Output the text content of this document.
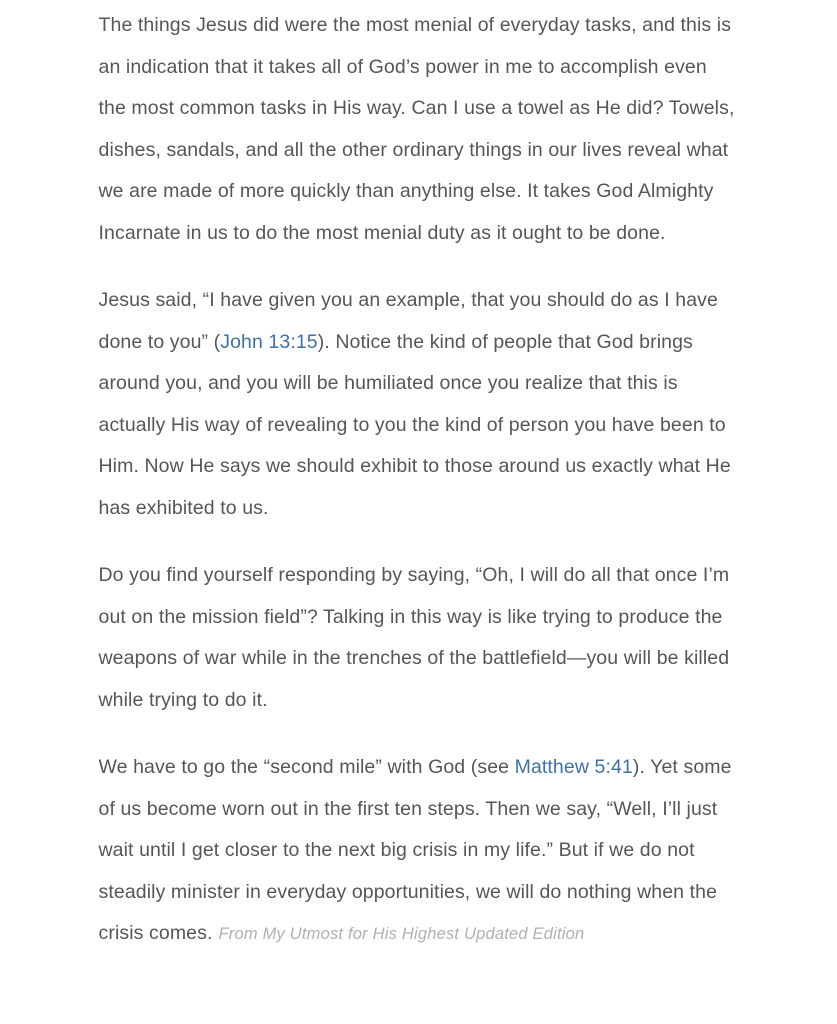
The things Jesus did were the most menial of everyday tasks, and this is an indication that it takes all of God’s power in me to accomplish even the most common tasks in His way. Can I use a towel as He did? Towels, dishes, sandals, and all the other ordinary things in our lives reveal what we are made of more quickly than anything else. It takes God Almighty Incarnate in us to do the most menial duty as it ought to be done.

Jesus said, “I have given you an example, that you should do as I have done to you” (John 13:15). Notice the kind of people that God brings around you, and you will be humiliated once you realize that this is actually His way of revealing to you the kind of person you have been to Him. Now He says we should exhibit to those around us exactly what He has exhibited to us.

Do you find yourself responding by saying, “Oh, I will do all that once I’m out on the mission field”? Talking in this way is like trying to produce the weapons of war while in the trenches of the battlefield—you will be killed while trying to do it.

We have to go the “second mile” with God (see Matthew 5:41). Yet some of us become worn out in the first ten steps. Then we say, “Well, I’ll just wait until I get closer to the next big crisis in my life.” But if we do not steadily minister in everyday opportunities, we will do nothing when the crisis comes. From My Utmost for His Highest Updated Edition
